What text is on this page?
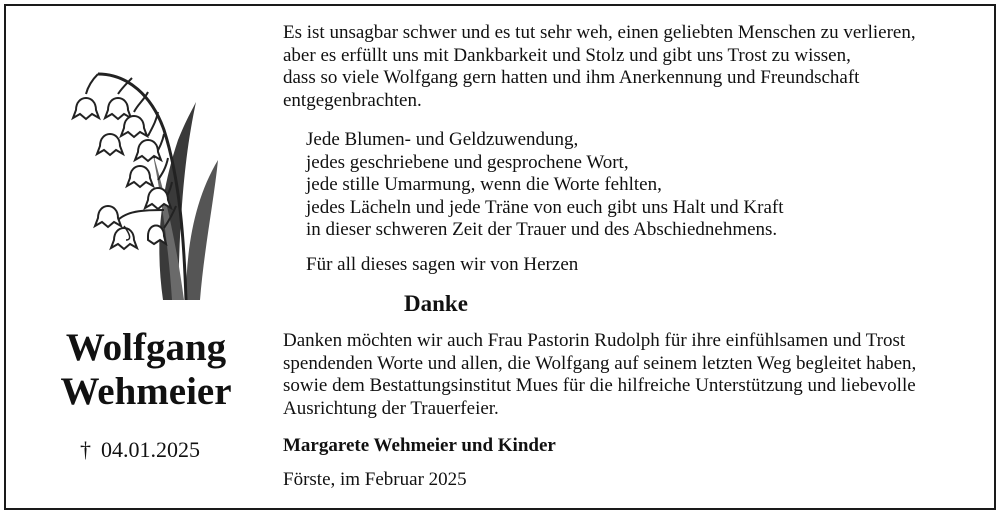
Wolfgang
Wehmeier
† 04.01.2025
Es ist unsagbar schwer und es tut sehr weh, einen geliebten Menschen zu verlieren,
aber es erfüllt uns mit Dankbarkeit und Stolz und gibt uns Trost zu wissen,
dass so viele Wolfgang gern hatten und ihm Anerkennung und Freundschaft
entgegenbrachten.
Jede Blumen- und Geldzuwendung,
jedes geschriebene und gesprochene Wort,
jede stille Umarmung, wenn die Worte fehlten,
jedes Lächeln und jede Träne von euch gibt uns Halt und Kraft
in dieser schweren Zeit der Trauer und des Abschiednehmens.
Für all dieses sagen wir von Herzen
Danke
Danken möchten wir auch Frau Pastorin Rudolph für ihre einfühlsamen und Trost
spendenden Worte und allen, die Wolfgang auf seinem letzten Weg begleitet haben,
sowie dem Bestattungsinstitut Mues für die hilfreiche Unterstützung und liebevolle
Ausrichtung der Trauerfeier.
Margarete Wehmeier und Kinder
Förste, im Februar 2025
